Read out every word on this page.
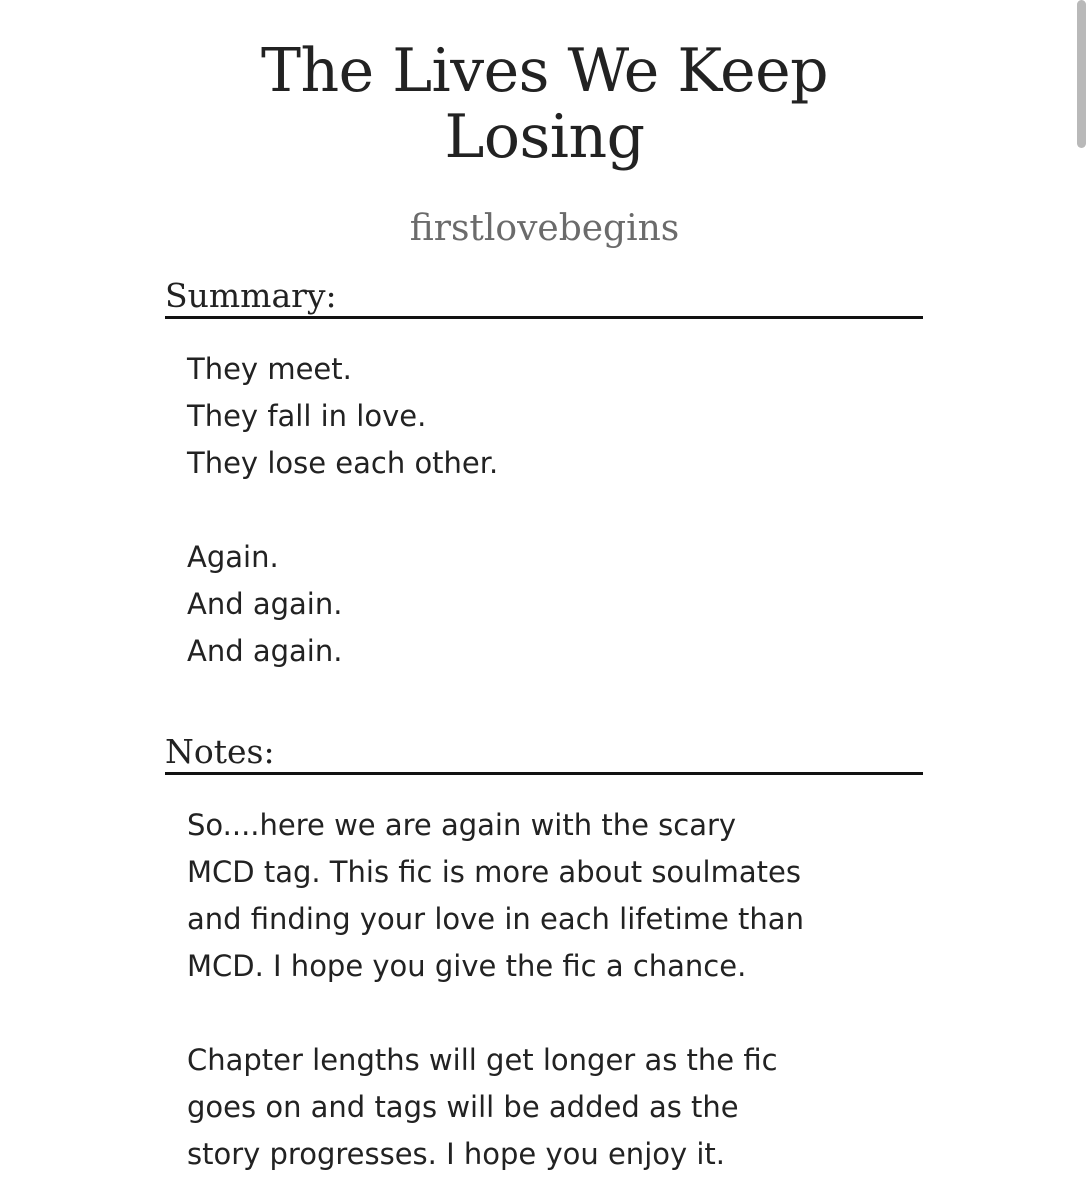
The Lives We Keep
Losing
firstlovebegins
Summary:
They meet.
They fall in love.
They lose each other.
Again.
And again.
And again.
Notes:
So....here we are again with the scary
MCD tag. This fic is more about soulmates
and finding your love in each lifetime than
MCD. I hope you give the fic a chance.
Chapter lengths will get longer as the fic
goes on and tags will be added as the
story progresses. I hope you enjoy it.
